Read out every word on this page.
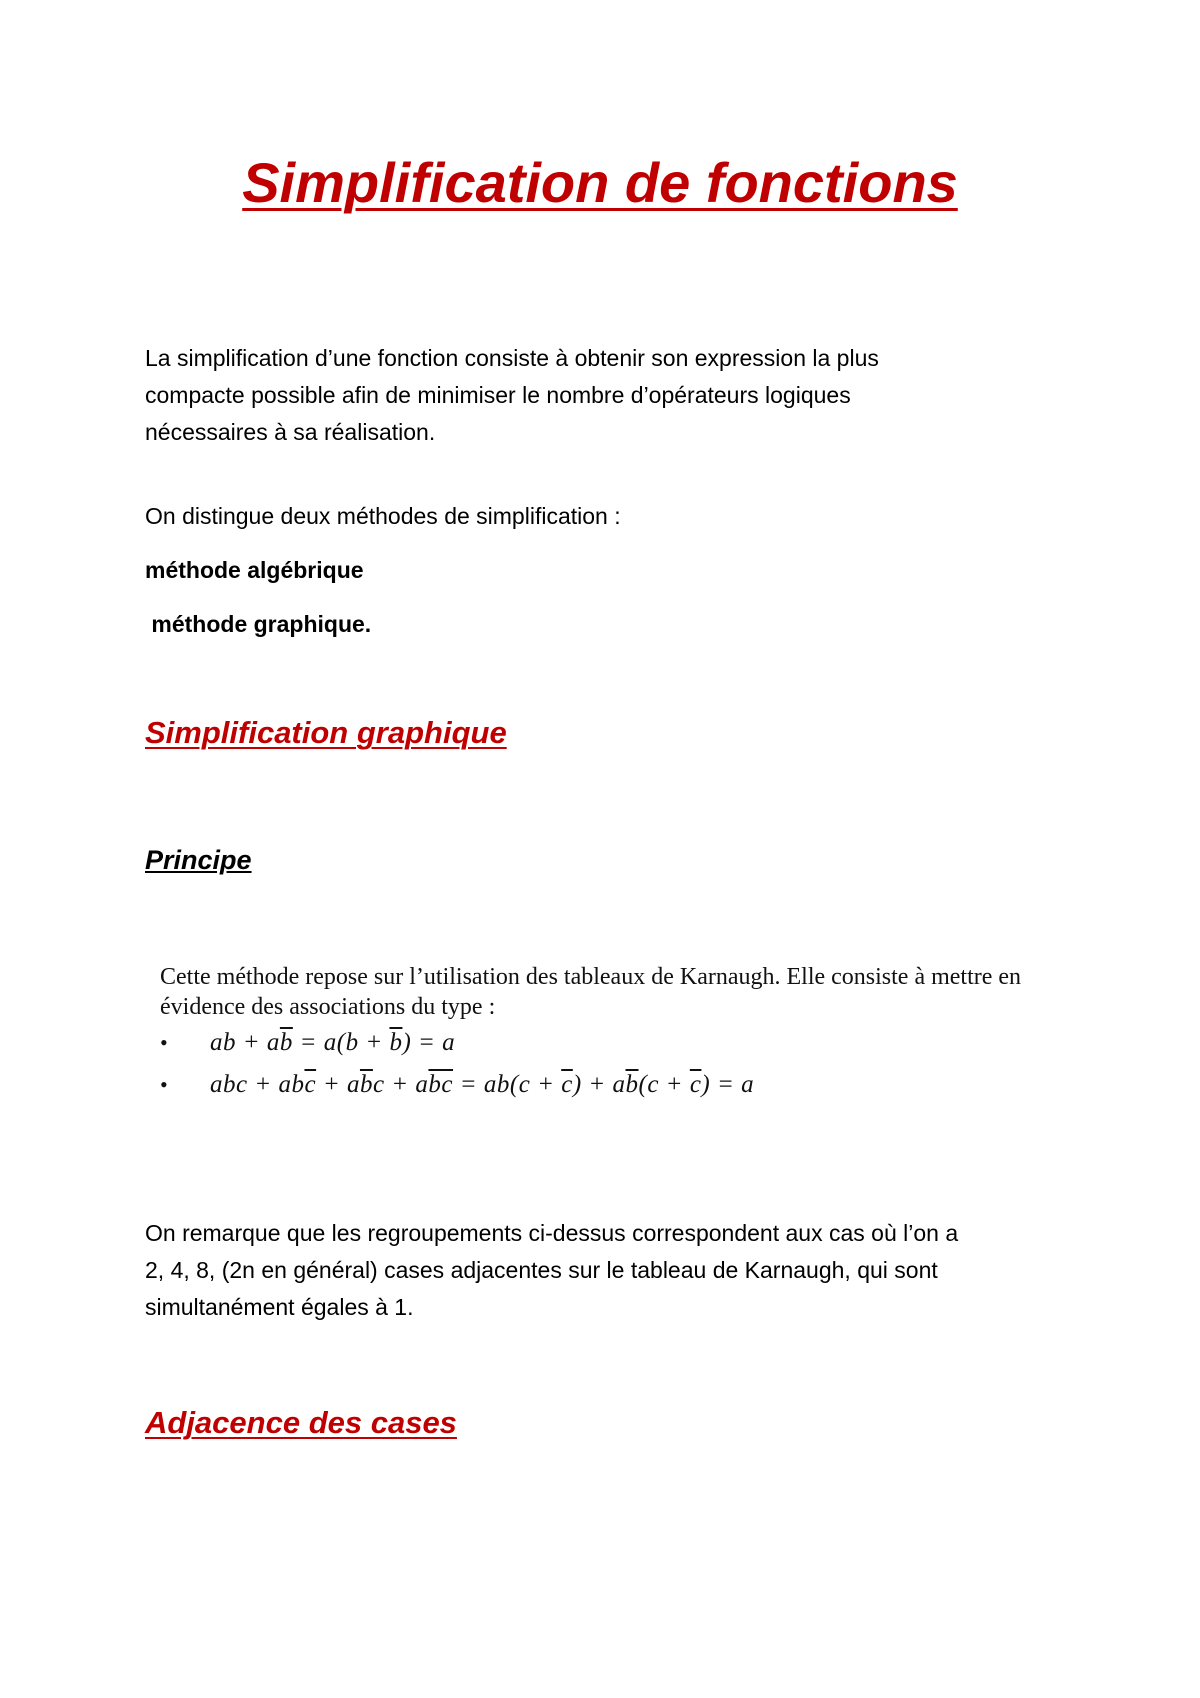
Simplification de fonctions
La simplification d’une fonction consiste à obtenir son expression la plus
compacte possible afin de minimiser le nombre d’opérateurs logiques
nécessaires à sa réalisation.

On distingue deux méthodes de simplification :

méthode algébrique

méthode graphique.

Simplification graphique
Principe
Cette méthode repose sur l’utilisation des tableaux de Karnaugh. Elle consiste à mettre en
évidence des associations du type :
•	ab + $a\overline{b} = a(b + \overline{b}) = a$
•	abc + $ab\overline{c} + a\overline{b}c + a\overline{bc} = ab(c + \overline{c}) + a\overline{b}(c + \overline{c}) = a$
On remarque que les regroupements ci-dessus correspondent aux cas où l’on a
2, 4, 8, (2n en général) cases adjacentes sur le tableau de Karnaugh, qui sont
simultanément égales à 1.
Adjacence des cases
